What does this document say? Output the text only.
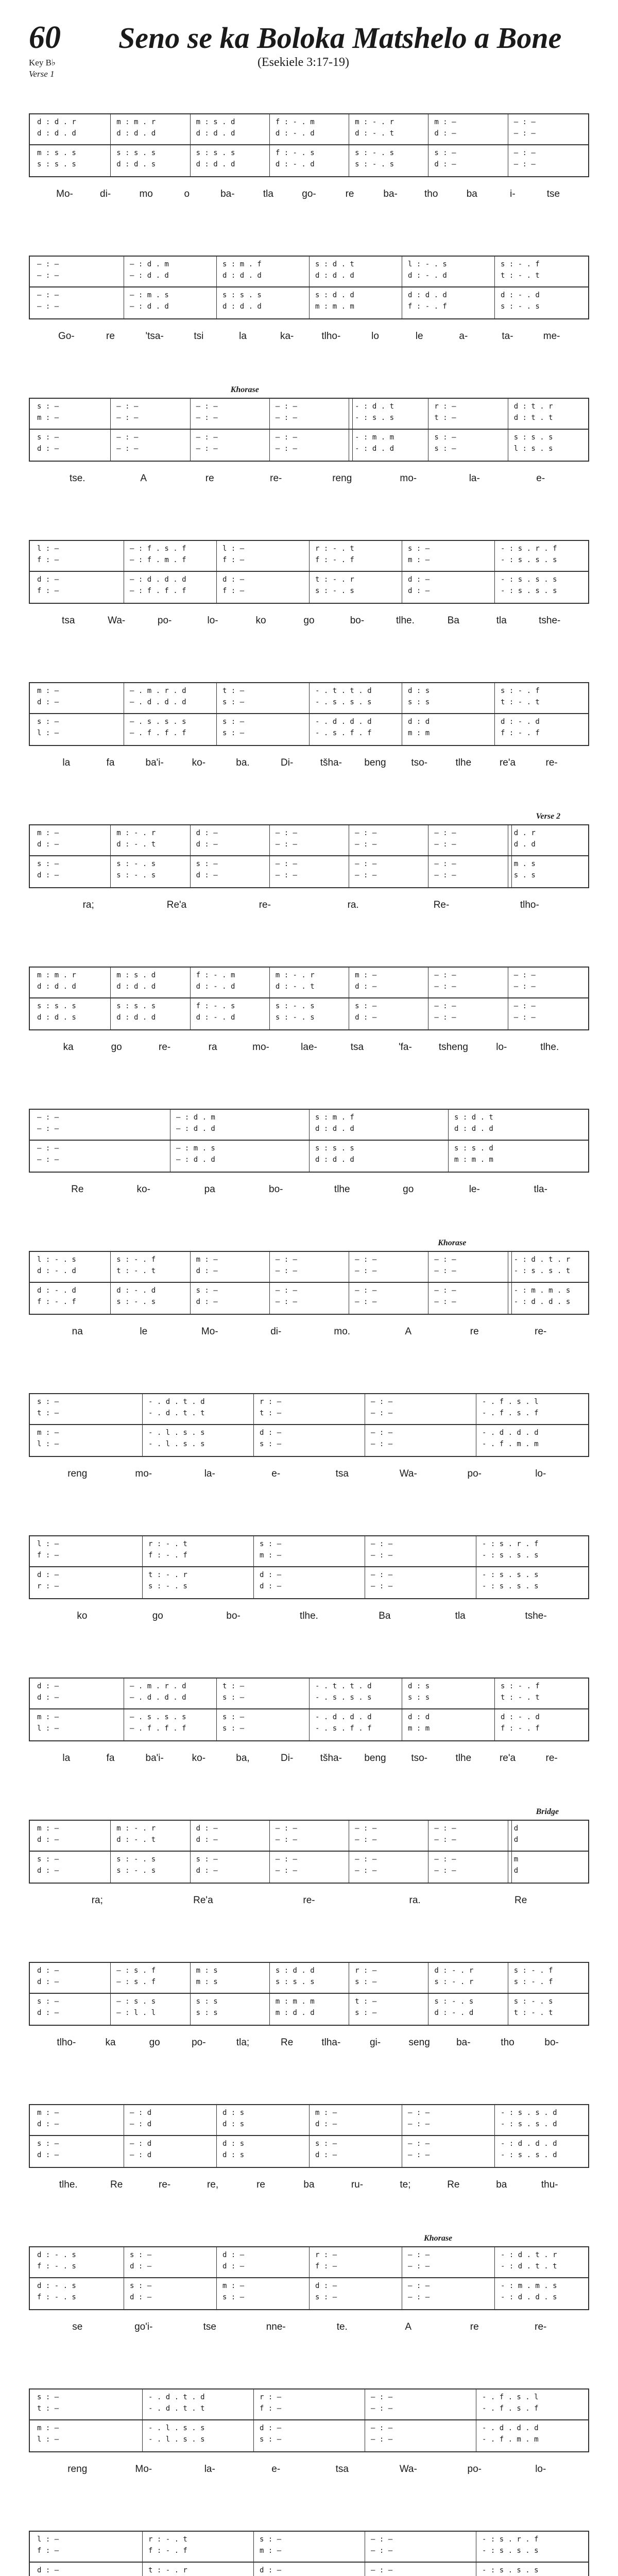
60 Seno se ka Boloka Matshelo a Bone
(Esekiele 3:17-19)
Key B♭
Verse 1
d : d . r	m : m . r	m : s . d	f : - . m	m : - . r	m : —	— : —
d : d . d	d : d . d	d : d . d	d : - . d	d : - . t	d : —	— : —
m : s . s	s : s . s	s : s . s	f : - . s	s : - . s	s : —	— : —
s : s . s	d : d . s	d : d . d	d : - . d	s : - . s	d : —	— : —
Mo-	di-	mo	o	ba-	tla	go-	re	ba-	tho	ba	i-	tse
— : —	— : d . m	s : m . f	s : d . t	l : - . s	s : - . f
— : —	— : d . d	d : d . d	d : d . d	d : - . d	t : - . t
— : —	— : m . s	s : s . s	s : d . d	d : d . d	d : - . d
— : —	— : d . d	d : d . d	m : m . m	f : - . f	s : - . s
Go-	re	'tsa-	tsi	la	ka-	tlho-	lo	le	a-	ta-	me-
Khorase
s : —	— : —	— : —	— : —	- : d . t	r : —	d : t . r
m : —	— : —	— : —	— : —	- : s . s	t : —	d : t . t
s : —	— : —	— : —	— : —	- : m . m	s : —	s : s . s
d : —	— : —	— : —	— : —	- : d . d	s : —	l : s . s
tse.	A	re	re-	reng	mo-	la-	e-
l : —	— : f . s . f	l : —	r : - . t	s : —	- : s . r . f
f : —	— : f . m . f	f : —	f : - . f	m : —	- : s . s . s
d : —	— : d . d . d	d : —	t : - . r	d : —	- : s . s . s
f : —	— : f . f . f	f : —	s : - . s	d : —	- : s . s . s
tsa	Wa-	po-	lo-	ko	go	bo-	tlhe.	Ba	tla	tshe-
m : —	— . m . r . d	t : —	- . t . t . d	d : s	s : - . f
d : —	— . d . d . d	s : —	- . s . s . s	s : s	t : - . t
s : —	— . s . s . s	s : —	- . d . d . d	d : d	d : - . d
l : —	— . f . f . f	s : —	- . s . f . f	m : m	f : - . f
la	fa	ba'i-	ko-	ba.	Di-	tšha- beng	tso-	tlhe	re'a	re-
Verse 2
m : —	m : - . r	d : —	— : —	— : —	— : —	d . r
d : —	d : - . t	d : —	— : —	— : —	— : —	d . d
s : —	s : - . s	s : —	— : —	— : —	— : —	m . s
d : —	s : - . s	d : —	— : —	— : —	— : —	s . s
ra;	Re'a	re-	ra.	Re-	tlho-
m : m . r	m : s . d	f : - . m	m : - . r	m : —	— : —	— : —
d : d . d	d : d . d	d : - . d	d : - . t	d : —	— : —	— : —
s : s . s	s : s . s	f : - . s	s : - . s	s : —	— : —	— : —
d : d . s	d : d . d	d : - . d	s : - . s	d : —	— : —	— : —
ka	go	re-	ra	mo-	lae-	tsa	'fa-	tsheng	lo-	tlhe.
— : —	— : d . m	s : m . f	s : d . t
— : —	— : d . d	d : d . d	d : d . d
— : —	— : m . s	s : s . s	s : s . d
— : —	— : d . d	d : d . d	m : m . m
Re	ko-	pa	bo-	tlhe	go	le-	tla-
Khorase
l : - . s	s : - . f	m : —	— : —	— : —	— : —	- : d . t . r
d : - . d	t : - . t	d : —	— : —	— : —	— : —	- : s . s . t
d : - . d	d : - . d	s : —	— : —	— : —	— : —	- : m . m . s
f : - . f	s : - . s	d : —	— : —	— : —	— : —	- : d . d . s
na	le	Mo-	di-	mo.	A	re	re-
s : —	- . d . t . d	r : —	— : —	- . f . s . l
t : —	- . d . t . t	t : —	— : —	- . f . s . f
m : —	- . l . s . s	d : —	— : —	- . d . d . d
l : —	- . l . s . s	s : —	— : —	- . f . m . m
reng	mo-	la-	e-	tsa	Wa-	po-	lo-
l : —	r : - . t	s : —	— : —	- : s . r . f
f : —	f : - . f	m : —	— : —	- : s . s . s
d : —	t : - . r	d : —	— : —	- : s . s . s
r : —	s : - . s	d : —	— : —	- : s . s . s
ko	go	bo-	tlhe.	Ba	tla	tshe-
d : —	— . m . r . d	t : —	- . t . t . d	d : s	s : - . f
d : —	— . d . d . d	s : —	- . s . s . s	s : s	t : - . t
m : —	— . s . s . s	s : —	- . d . d . d	d : d	d : - . d
l : —	— . f . f . f	s : —	- . s . f . f	m : m	f : - . f
la	fa	ba'i-	ko-	ba,	Di-	tšha- beng	tso-	tlhe	re'a	re-
Bridge
m : —	m : - . r	d : —	— : —	— : —	— : —	d
d : —	d : - . t	d : —	— : —	— : —	— : —	d
s : —	s : - . s	s : —	— : —	— : —	— : —	m
d : —	s : - . s	d : —	— : —	— : —	— : —	d
ra;	Re'a	re-	ra.	Re
d : —	— : s . f	m : s	s : d . d	r : —	d : - . r	s : - . f
d : —	— : s . f	m : s	s : s . s	s : —	s : - . r	s : - . f
s : —	— : s . s	s : s	m : m . m	t : —	s : - . s	s : - . s
d : —	— : l . l	s : s	m : d . d	s : —	d : - . d	t : - . t
tlho-	ka	go	po-	tla;	Re	tlha-	gi-	seng	ba-	tho	bo-
m : —	— : d	d : s	m : —	— : —	- : s . s . d
d : —	— : d	d : s	d : —	— : —	- : s . s . d
s : —	— : d	d : s	s : —	— : —	- : d . d . d
d : —	— : d	d : s	d : —	— : —	- : s . s . d
tlhe.	Re	re-	re,	re	ba	ru-	te;	Re	ba	thu-
Khorase
d : - . s	s : —	d : —	r : —	— : —	- : d . t . r
f : - . s	d : —	d : —	f : —	— : —	- : d . t . t
d : - . s	s : —	m : —	d : —	— : —	- : m . m . s
f : - . s	d : —	s : —	s : —	— : —	- : d . d . s
se	go'i-	tse	nne-	te.	A	re	re-
s : —	- . d . t . d	r : —	— : —	- . f . s . l
t : —	- . d . t . t	f : —	— : —	- . f . s . f
m : —	- . l . s . s	d : —	— : —	- . d . d . d
l : —	- . l . s . s	s : —	— : —	- . f . m . m
reng	Mo-	la-	e-	tsa	Wa-	po-	lo-
l : —	r : - . t	s : —	— : —	- : s . r . f
f : —	f : - . f	m : —	— : —	- : s . s . s
d : —	t : - . r	d : —	— : —	- : s . s . s
